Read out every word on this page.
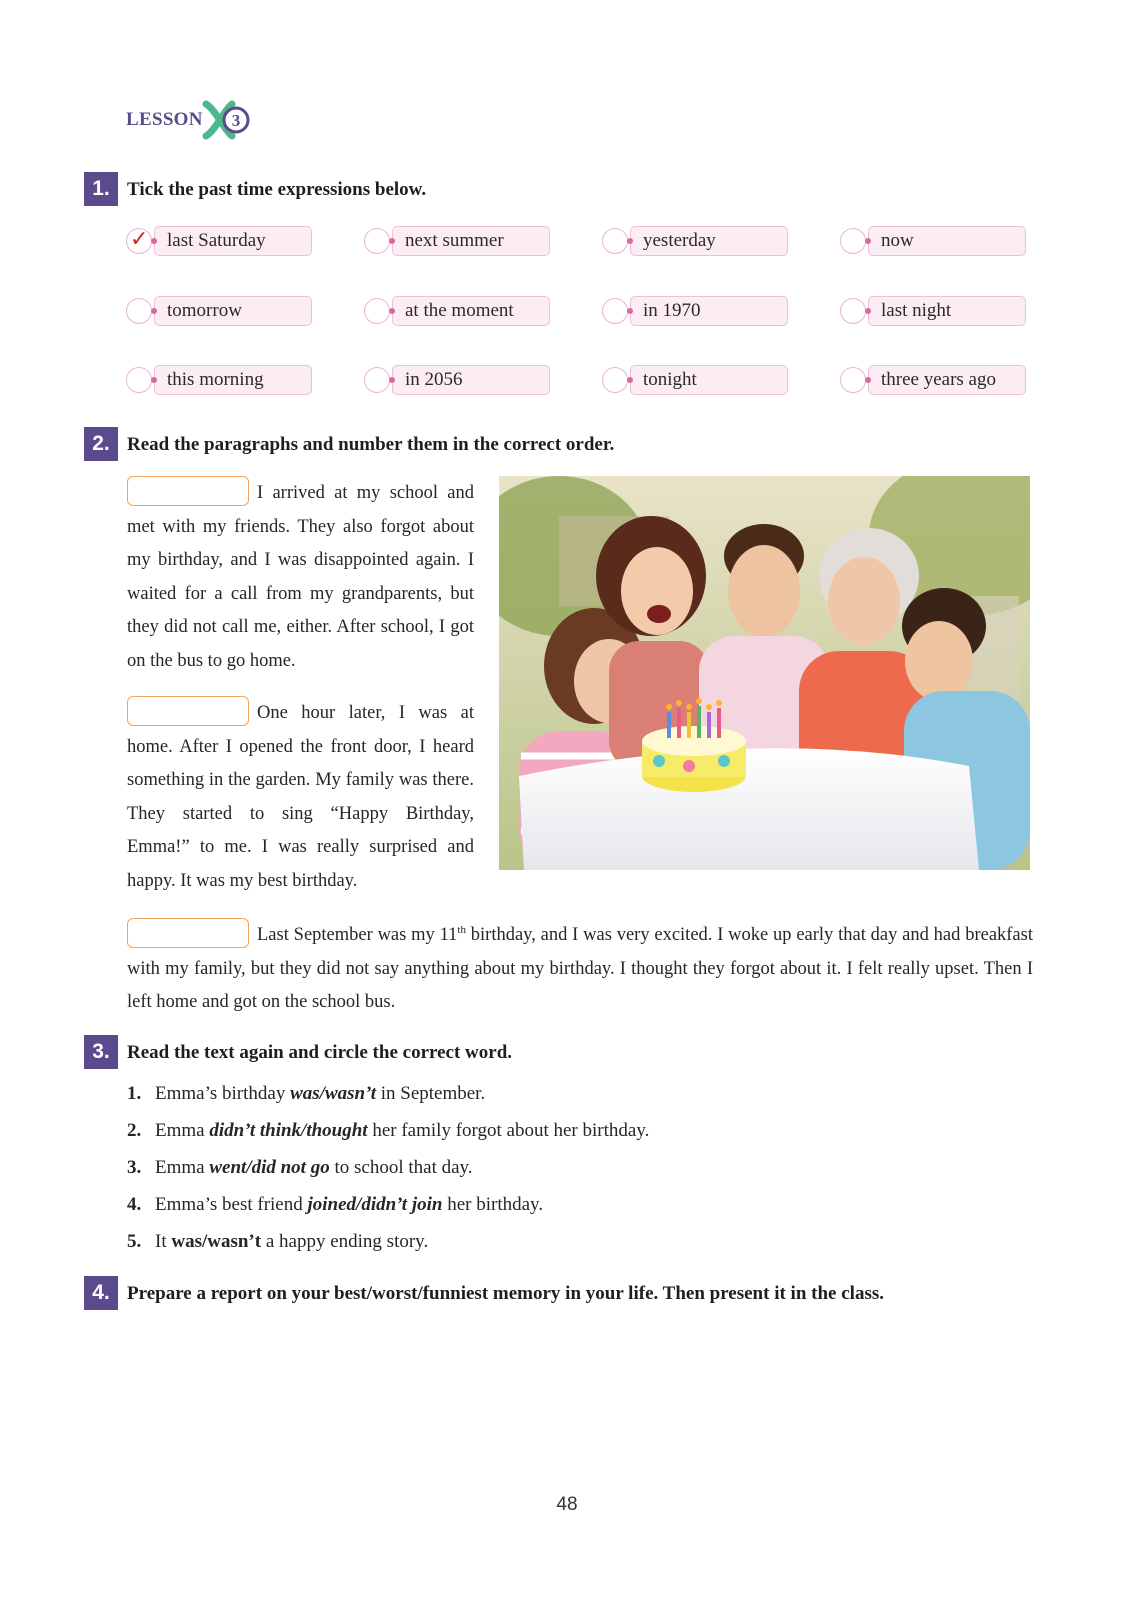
LESSON 3
1. Tick the past time expressions below.
✓ last Saturday	next summer	yesterday	now
tomorrow	at the moment	in 1970	last night
this morning	in 2056	tonight	three years ago
2. Read the paragraphs and number them in the correct order.
I arrived at my school and met with my friends. They also forgot about my birthday, and I was disappointed again. I waited for a call from my grandparents, but they did not call me, either. After school, I got on the bus to go home.
One hour later, I was at home. After I opened the front door, I heard something in the garden. My family was there. They started to sing “Happy Birthday, Emma!” to me. I was really surprised and happy. It was my best birthday.
Last September was my 11th birthday, and I was very excited. I woke up early that day and had breakfast with my family, but they did not say anything about my birthday. I thought they forgot about it. I felt really upset. Then I left home and got on the school bus.
3. Read the text again and circle the correct word.
1. Emma’s birthday was/wasn’t in September.
2. Emma didn’t think/thought her family forgot about her birthday.
3. Emma went/did not go to school that day.
4. Emma’s best friend joined/didn’t join her birthday.
5. It was/wasn’t a happy ending story.
4. Prepare a report on your best/worst/funniest memory in your life. Then present it in the class.
48
